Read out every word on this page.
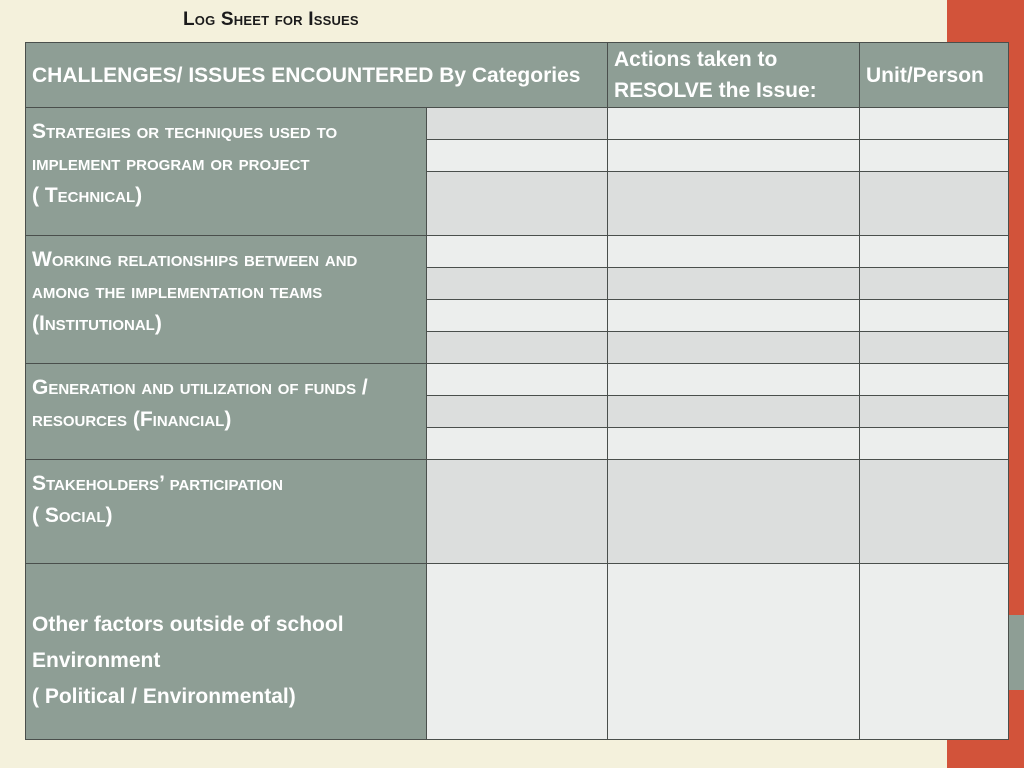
Log Sheet for Issues
CHALLENGES/ ISSUES ENCOUNTERED By Categories		Actions taken to RESOLVE the Issue:	Unit/Person

Strategies or techniques used to implement program or project
( Technical)			

Working relationships between and among the implementation teams
(Institutional)			

Generation and utilization of funds / resources (Financial)			

Stakeholders’ participation
( Social)			

Other factors outside of school Environment
( Political / Environmental)			
